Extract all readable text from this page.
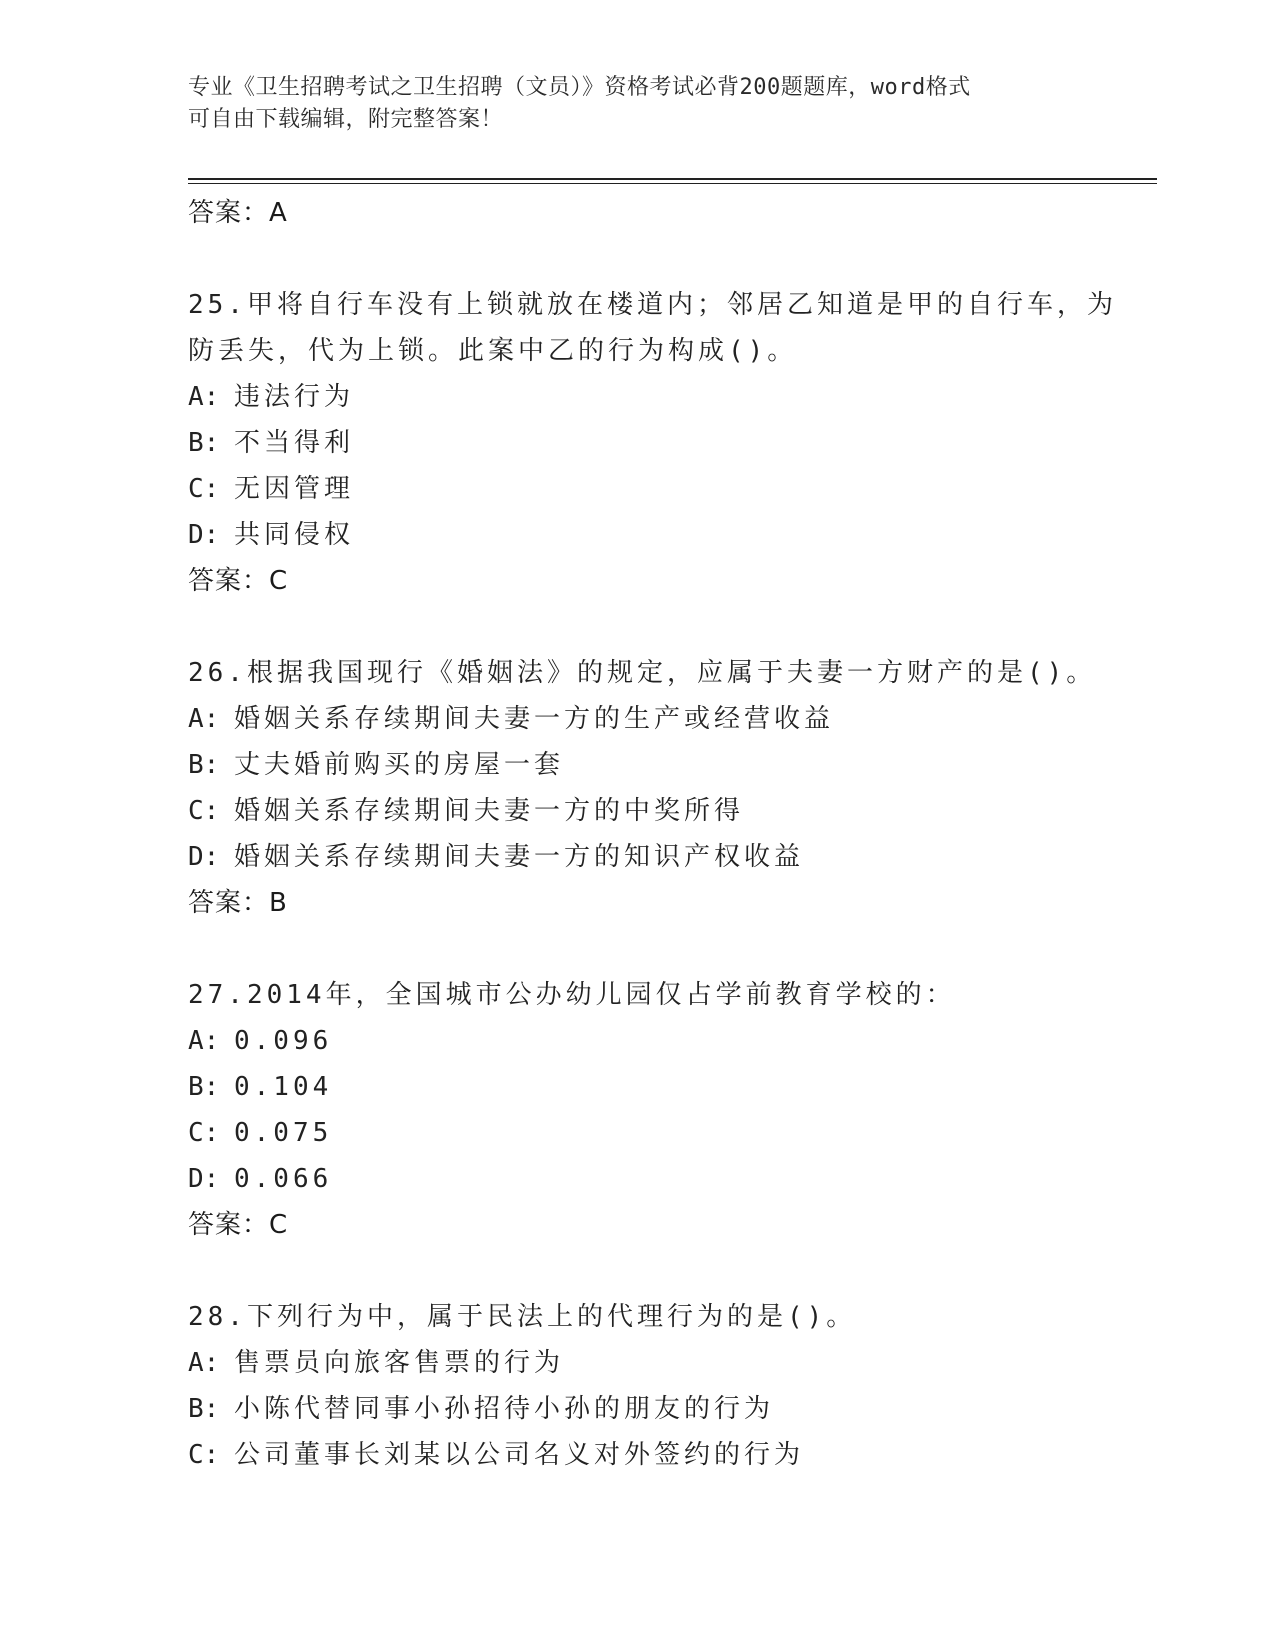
专业《卫生招聘考试之卫生招聘（文员）》资格考试必背200题题库，word格式
可自由下载编辑，附完整答案！
答案：A
25.甲将自行车没有上锁就放在楼道内；邻居乙知道是甲的自行车，为
防丢失，代为上锁。此案中乙的行为构成()。
A: 违法行为
B: 不当得利
C: 无因管理
D: 共同侵权
答案：C
26.根据我国现行《婚姻法》的规定，应属于夫妻一方财产的是()。
A: 婚姻关系存续期间夫妻一方的生产或经营收益
B: 丈夫婚前购买的房屋一套
C: 婚姻关系存续期间夫妻一方的中奖所得
D: 婚姻关系存续期间夫妻一方的知识产权收益
答案：B
27.2014年，全国城市公办幼儿园仅占学前教育学校的：
A: 0.096
B: 0.104
C: 0.075
D: 0.066
答案：C
28.下列行为中，属于民法上的代理行为的是()。
A: 售票员向旅客售票的行为
B: 小陈代替同事小孙招待小孙的朋友的行为
C: 公司董事长刘某以公司名义对外签约的行为
